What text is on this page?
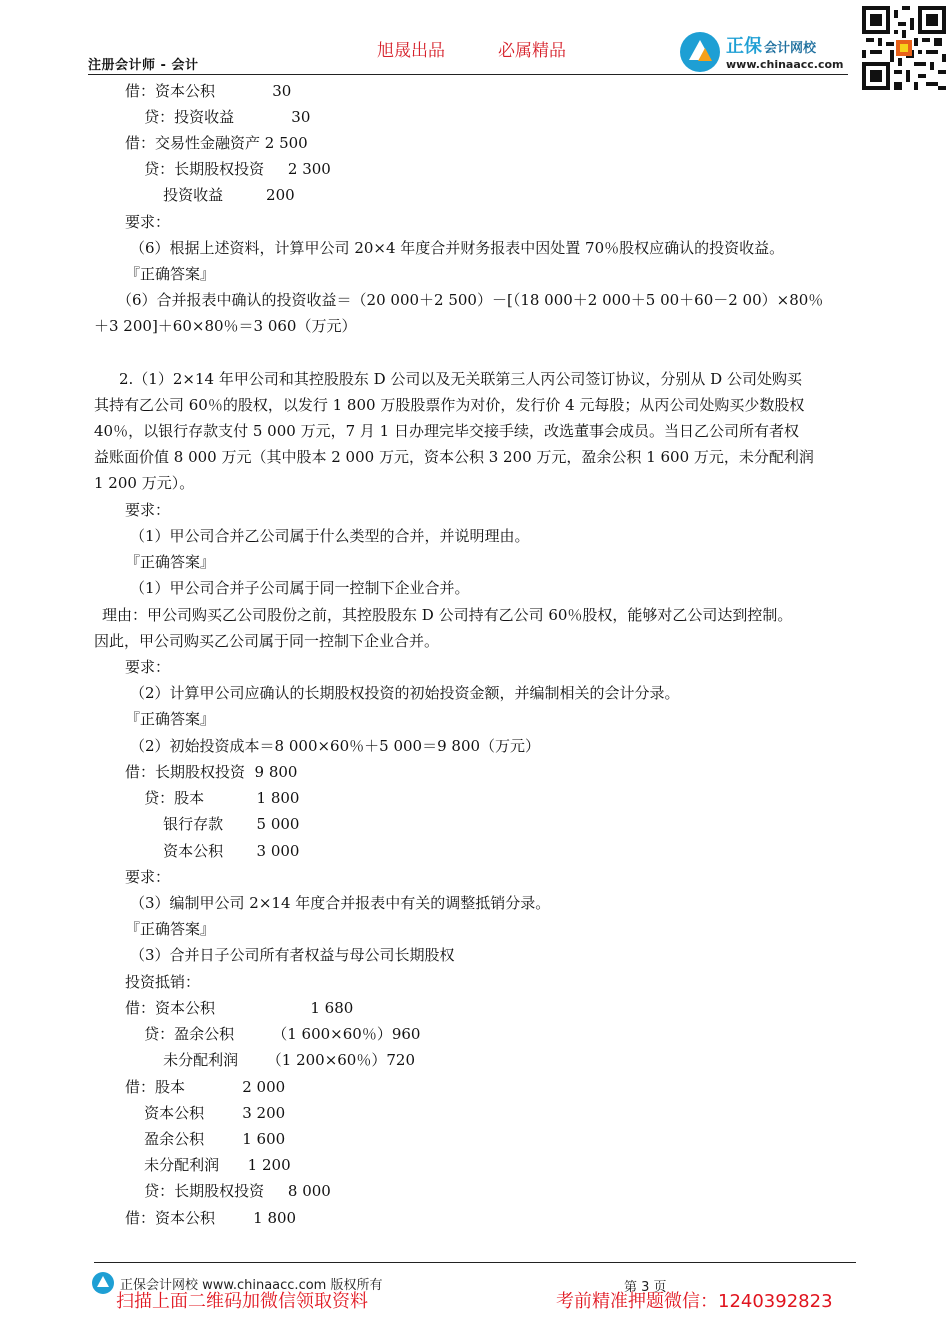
注册会计师 - 会计
旭晟出品	必属精品	正保 会计网校
www.chinaacc.com
借：资本公积            30
贷：投资收益            30
借：交易性金融资产 2 500
贷：长期股权投资     2 300
投资收益         200
要求：
（6）根据上述资料，计算甲公司 20×4 年度合并财务报表中因处置 70％股权应确认的投资收益。
『正确答案』
（6）合并报表中确认的投资收益＝（20 000＋2 500）－[（18 000＋2 000＋5 00＋60－2 00）×80％
＋3 200]＋60×80％＝3 060（万元）
2.（1）2×14 年甲公司和其控股股东 D 公司以及无关联第三人丙公司签订协议，分别从 D 公司处购买
其持有乙公司 60％的股权，以发行 1 800 万股股票作为对价，发行价 4 元每股；从丙公司处购买少数股权
40％，以银行存款支付 5 000 万元，7 月 1 日办理完毕交接手续，改选董事会成员。当日乙公司所有者权
益账面价值 8 000 万元（其中股本 2 000 万元，资本公积 3 200 万元，盈余公积 1 600 万元，未分配利润
1 200 万元）。
要求：
（1）甲公司合并乙公司属于什么类型的合并，并说明理由。
『正确答案』
（1）甲公司合并子公司属于同一控制下企业合并。
理由：甲公司购买乙公司股份之前，其控股股东 D 公司持有乙公司 60％股权，能够对乙公司达到控制。
因此，甲公司购买乙公司属于同一控制下企业合并。
要求：
（2）计算甲公司应确认的长期股权投资的初始投资金额，并编制相关的会计分录。
『正确答案』
（2）初始投资成本＝8 000×60％＋5 000＝9 800（万元）
借：长期股权投资  9 800
贷：股本           1 800
银行存款       5 000
资本公积       3 000
要求：
（3）编制甲公司 2×14 年度合并报表中有关的调整抵销分录。
『正确答案』
（3）合并日子公司所有者权益与母公司长期股权
投资抵销：
借：资本公积                    1 680
贷：盈余公积        （1 600×60％）960
未分配利润      （1 200×60％）720
借：股本            2 000
资本公积        3 200
盈余公积        1 600
未分配利润      1 200
贷：长期股权投资     8 000
借：资本公积        1 800
正保会计网校 www.chinaacc.com 版权所有	第 3 页
扫描上面二维码加微信领取资料	考前精准押题微信：1240392823
